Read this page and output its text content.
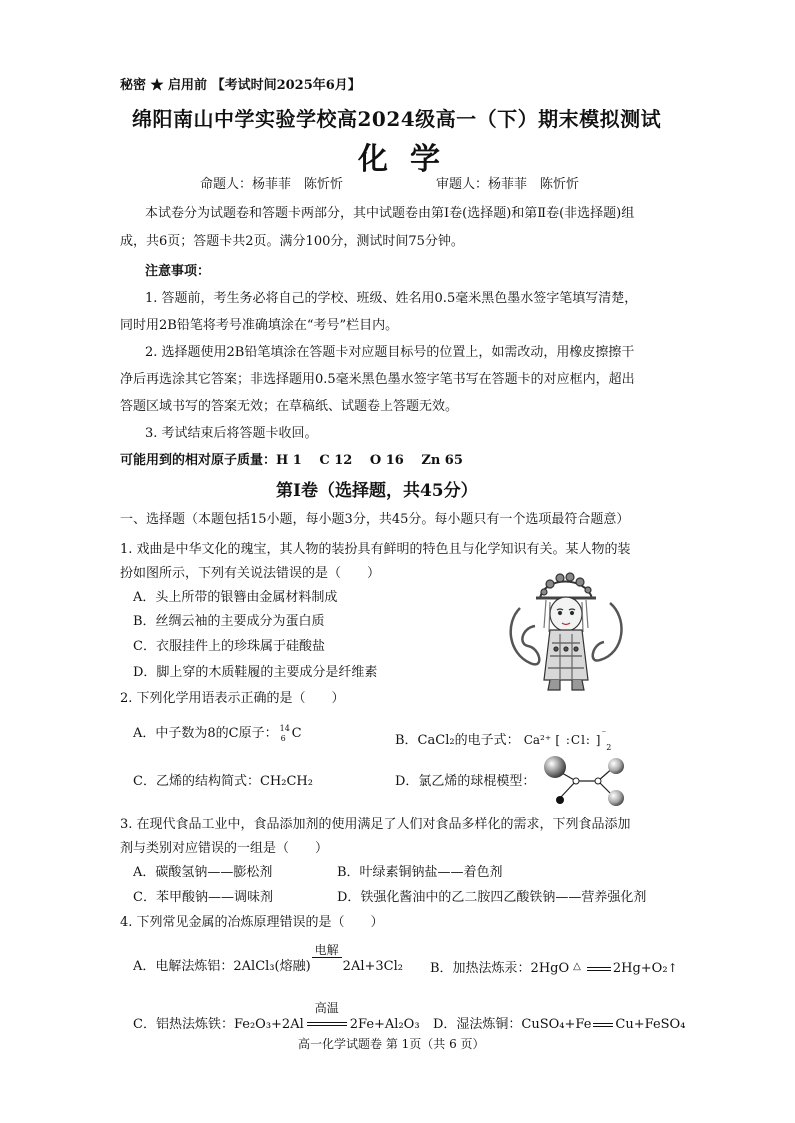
秘密 ★ 启用前 【考试时间2025年6月】
绵阳南山中学实验学校高2024级高一（下）期末模拟测试
化学
命题人：杨菲菲　陈忻忻	审题人：杨菲菲　陈忻忻
本试卷分为试题卷和答题卡两部分，其中试题卷由第Ⅰ卷(选择题)和第Ⅱ卷(非选择题)组
成，共6页；答题卡共2页。满分100分，测试时间75分钟。
注意事项：
1. 答题前，考生务必将自己的学校、班级、姓名用0.5毫米黑色墨水签字笔填写清楚，
同时用2B铅笔将考号准确填涂在“考号”栏目内。
2. 选择题使用2B铅笔填涂在答题卡对应题目标号的位置上，如需改动，用橡皮擦擦干
净后再选涂其它答案；非选择题用0.5毫米黑色墨水签字笔书写在答题卡的对应框内，超出
答题区域书写的答案无效；在草稿纸、试题卷上答题无效。
3. 考试结束后将答题卡收回。
可能用到的相对原子质量：H 1　 C 12　 O 16　 Zn 65
第Ⅰ卷（选择题，共45分）
一、选择题（本题包括15小题，每小题3分，共45分。每小题只有一个选项最符合题意）
1. 戏曲是中华文化的瑰宝，其人物的装扮具有鲜明的特色且与化学知识有关。某人物的装
扮如图所示，下列有关说法错误的是（　　）
A．头上所带的银簪由金属材料制成
B．丝绸云袖的主要成分为蛋白质
C．衣服挂件上的珍珠属于硅酸盐
D．脚上穿的木质鞋履的主要成分是纤维素
2. 下列化学用语表示正确的是（　　）
A．中子数为8的C原子： 14
6 C	B．CaCl₂的电子式： Ca²⁺ [ :Cl: ]$^{^-}_2$
C．乙烯的结构简式：CH₂CH₂	D．氯乙烯的球棍模型：
3. 在现代食品工业中，食品添加剂的使用满足了人们对食品多样化的需求，下列食品添加
剂与类别对应错误的一组是（　　）
A．碳酸氢钠——膨松剂	B．叶绿素铜钠盐——着色剂
C．苯甲酸钠——调味剂	D．铁强化酱油中的乙二胺四乙酸铁钠——营养强化剂
4. 下列常见金属的冶炼原理错误的是（　　）
A．电解法炼铝：2AlCl₃(熔融)
电解
2Al+3Cl₂ B．加热法炼汞：2HgO △ 2Hg+O₂↑
C．铝热法炼铁：Fe₂O₃+2Al
高温
2Fe+Al₂O₃ D．湿法炼铜：CuSO₄+Fe Cu+FeSO₄
高一化学试题卷 第 1页（共 6 页）
